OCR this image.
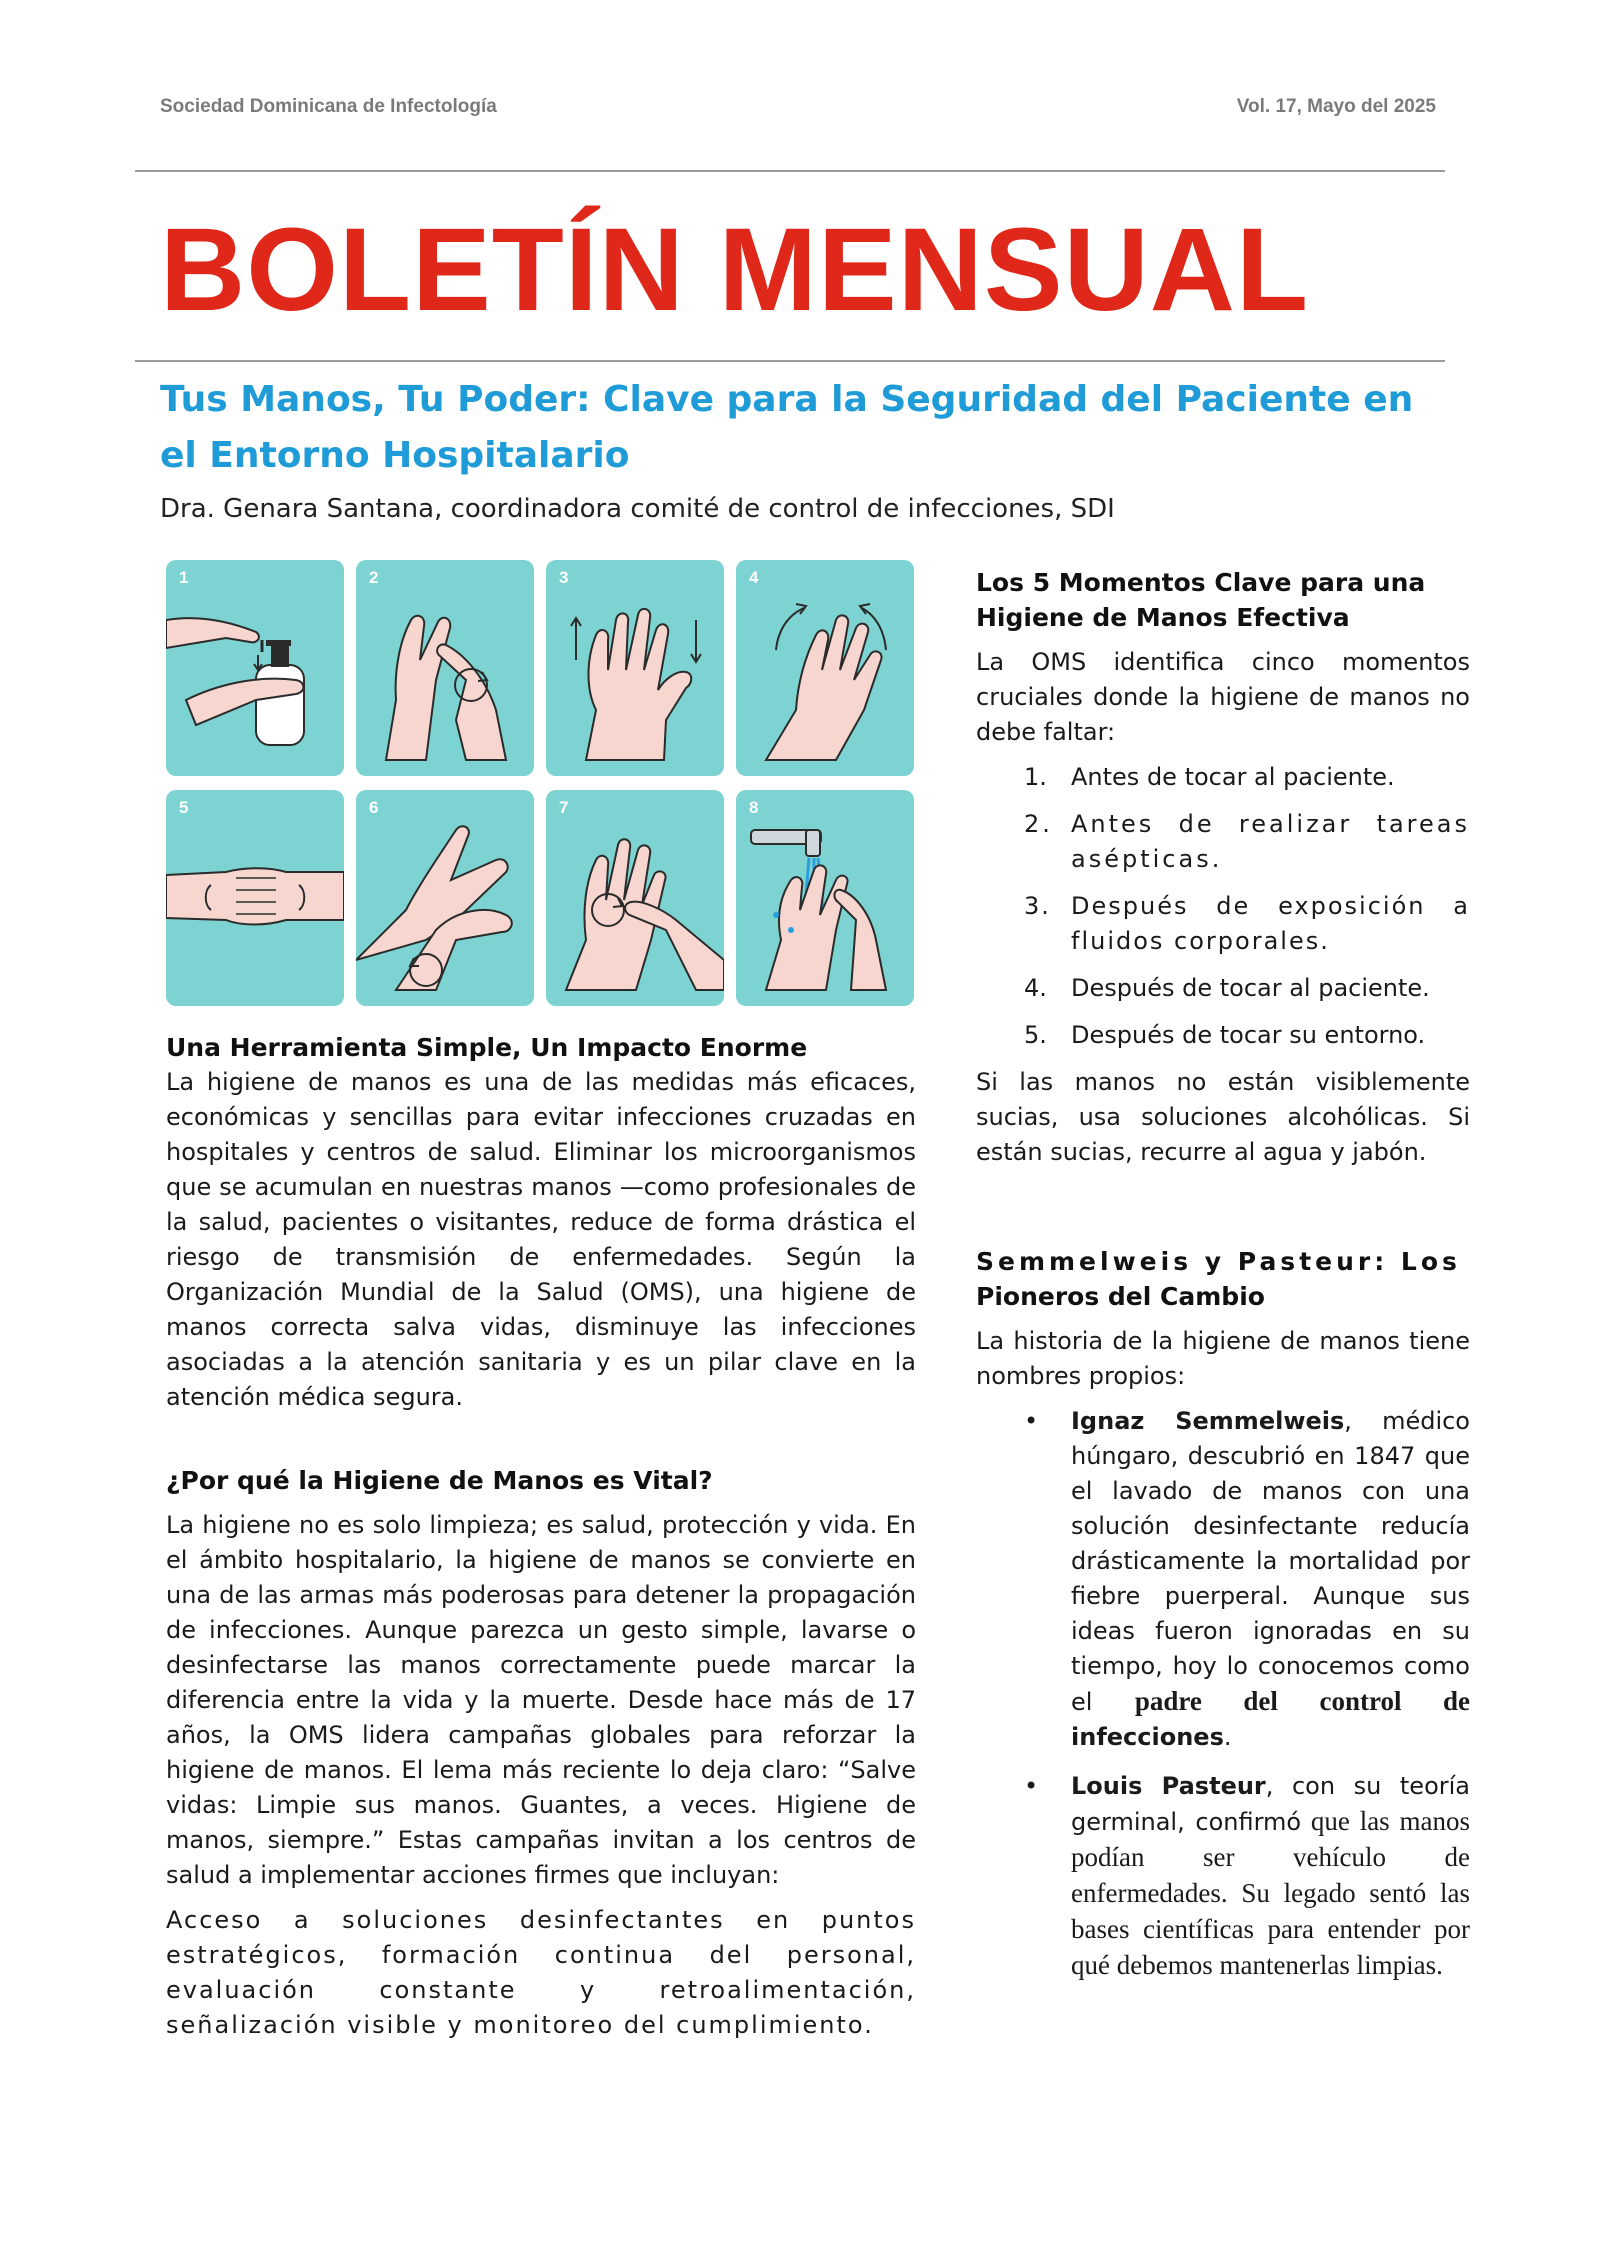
Sociedad Dominicana de Infectología	Vol. 17, Mayo del 2025
BOLETÍN MENSUAL
Tus Manos, Tu Poder: Clave para la Seguridad del Paciente en el Entorno Hospitalario
Dra. Genara Santana, coordinadora comité de control de infecciones, SDI
1	2	3	4
5	6	7	8
Una Herramienta Simple, Un Impacto Enorme

La higiene de manos es una de las medidas más eficaces, económicas y sencillas para evitar infecciones cruzadas en hospitales y centros de salud. Eliminar los microorganismos que se acumulan en nuestras manos —como profesionales de la salud, pacientes o visitantes, reduce de forma drástica el riesgo de transmisión de enfermedades. Según la Organización Mundial de la Salud (OMS), una higiene de manos correcta salva vidas, disminuye las infecciones asociadas a la atención sanitaria y es un pilar clave en la atención médica segura.

¿Por qué la Higiene de Manos es Vital?

La higiene no es solo limpieza; es salud, protección y vida. En el ámbito hospitalario, la higiene de manos se convierte en una de las armas más poderosas para detener la propagación de infecciones. Aunque parezca un gesto simple, lavarse o desinfectarse las manos correctamente puede marcar la diferencia entre la vida y la muerte. Desde hace más de 17 años, la OMS lidera campañas globales para reforzar la higiene de manos. El lema más reciente lo deja claro: “Salve vidas: Limpie sus manos. Guantes, a veces. Higiene de manos, siempre.” Estas campañas invitan a los centros de salud a implementar acciones firmes que incluyan:

Acceso a soluciones desinfectantes en puntos estratégicos, formación continua del personal, evaluación constante y retroalimentación, señalización visible y monitoreo del cumplimiento.

Los 5 Momentos Clave para una Higiene de Manos Efectiva

La OMS identifica cinco momentos cruciales donde la higiene de manos no debe faltar:

1. Antes de tocar al paciente.
2. Antes de realizar tareas asépticas.
3. Después de exposición a fluidos corporales.
4. Después de tocar al paciente.
5. Después de tocar su entorno.

Si las manos no están visiblemente sucias, usa soluciones alcohólicas. Si están sucias, recurre al agua y jabón.

Semmelweis y Pasteur: Los
Pioneros del Cambio

La historia de la higiene de manos tiene nombres propios:

• Ignaz Semmelweis, médico húngaro, descubrió en 1847 que el lavado de manos con una solución desinfectante reducía drásticamente la mortalidad por fiebre puerperal. Aunque sus ideas fueron ignoradas en su tiempo, hoy lo conocemos como el padre del control de infecciones.
• Louis Pasteur, con su teoría germinal, confirmó que las manos podían ser vehículo de enfermedades. Su legado sentó las bases científicas para entender por qué debemos mantenerlas limpias.
